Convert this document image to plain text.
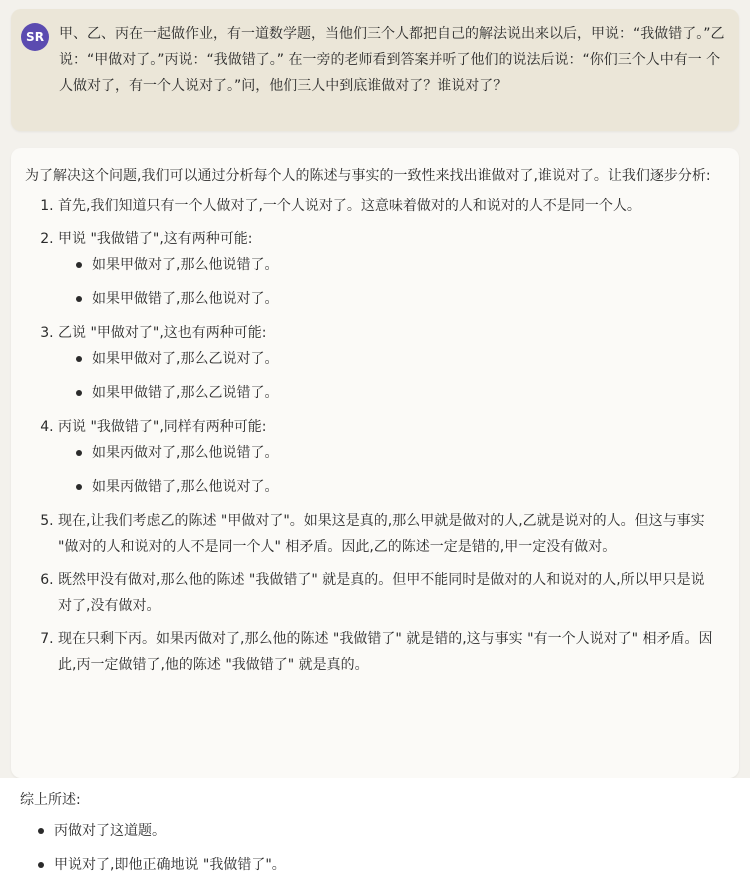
SR	甲、乙、丙在一起做作业，有一道数学题，当他们三个人都把自己的解法说出来以后，甲说：“我做错了。”乙说：“甲做对了。”丙说：“我做错了。” 在一旁的老师看到答案并听了他们的说法后说：“你们三个人中有一 个人做对了，有一个人说对了。”问，他们三人中到底谁做对了？谁说对了？

为了解决这个问题,我们可以通过分析每个人的陈述与事实的一致性来找出谁做对了,谁说对了。让我们逐步分析:

1. 首先,我们知道只有一个人做对了,一个人说对了。这意味着做对的人和说对的人不是同一个人。
2. 甲说 "我做错了",这有两种可能:
如果甲做对了,那么他说错了。
如果甲做错了,那么他说对了。
3. 乙说 "甲做对了",这也有两种可能:
如果甲做对了,那么乙说对了。
如果甲做错了,那么乙说错了。
4. 丙说 "我做错了",同样有两种可能:
如果丙做对了,那么他说错了。
如果丙做错了,那么他说对了。
5. 现在,让我们考虑乙的陈述 "甲做对了"。如果这是真的,那么甲就是做对的人,乙就是说对的人。但这与事实 "做对的人和说对的人不是同一个人" 相矛盾。因此,乙的陈述一定是错的,甲一定没有做对。
6. 既然甲没有做对,那么他的陈述 "我做错了" 就是真的。但甲不能同时是做对的人和说对的人,所以甲只是说对了,没有做对。
7. 现在只剩下丙。如果丙做对了,那么他的陈述 "我做错了" 就是错的,这与事实 "有一个人说对了" 相矛盾。因此,丙一定做错了,他的陈述 "我做错了" 就是真的。

综上所述:

丙做对了这道题。
甲说对了,即他正确地说 "我做错了"。
